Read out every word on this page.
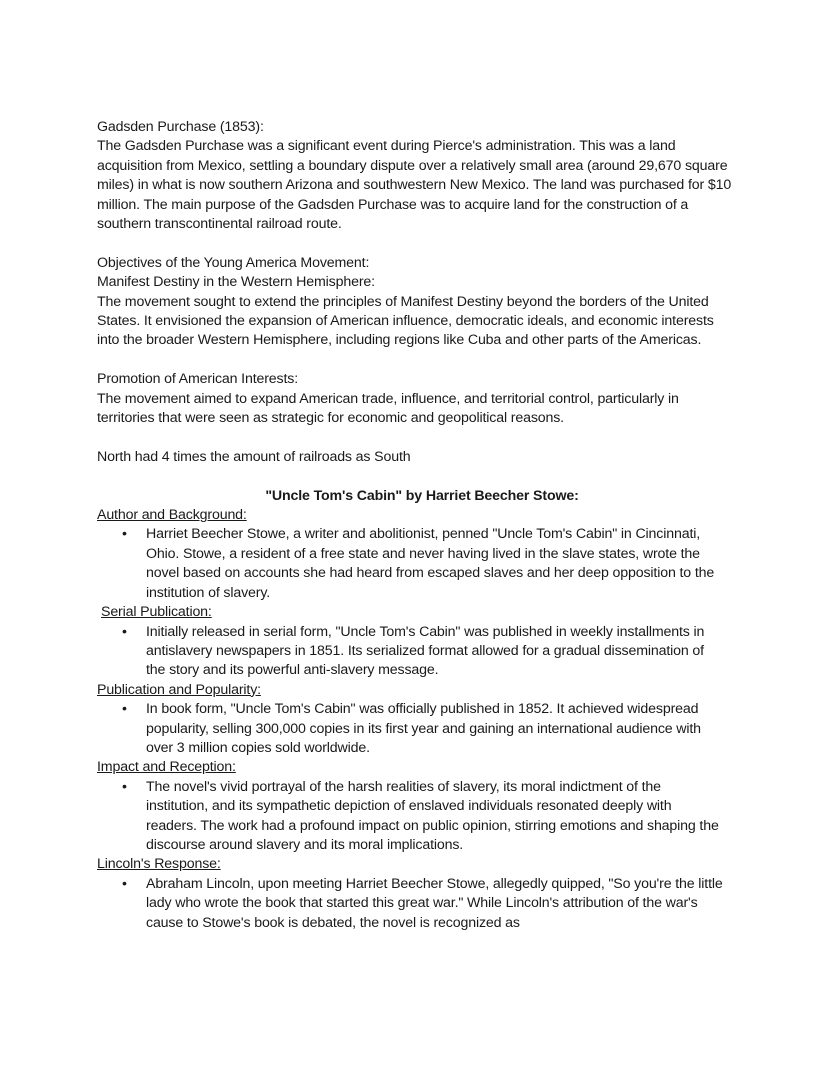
Gadsden Purchase (1853):

The Gadsden Purchase was a significant event during Pierce's administration. This was a land acquisition from Mexico, settling a boundary dispute over a relatively small area (around 29,670 square miles) in what is now southern Arizona and southwestern New Mexico. The land was purchased for $10 million. The main purpose of the Gadsden Purchase was to acquire land for the construction of a southern transcontinental railroad route.

Objectives of the Young America Movement:

Manifest Destiny in the Western Hemisphere:

The movement sought to extend the principles of Manifest Destiny beyond the borders of the United States. It envisioned the expansion of American influence, democratic ideals, and economic interests into the broader Western Hemisphere, including regions like Cuba and other parts of the Americas.

Promotion of American Interests:

The movement aimed to expand American trade, influence, and territorial control, particularly in territories that were seen as strategic for economic and geopolitical reasons.

North had 4 times the amount of railroads as South

"Uncle Tom's Cabin" by Harriet Beecher Stowe:

Author and Background:

• Harriet Beecher Stowe, a writer and abolitionist, penned "Uncle Tom's Cabin" in Cincinnati, Ohio. Stowe, a resident of a free state and never having lived in the slave states, wrote the novel based on accounts she had heard from escaped slaves and her deep opposition to the institution of slavery.

Serial Publication:

• Initially released in serial form, "Uncle Tom's Cabin" was published in weekly installments in antislavery newspapers in 1851. Its serialized format allowed for a gradual dissemination of the story and its powerful anti-slavery message.

Publication and Popularity:

• In book form, "Uncle Tom's Cabin" was officially published in 1852. It achieved widespread popularity, selling 300,000 copies in its first year and gaining an international audience with over 3 million copies sold worldwide.

Impact and Reception:

• The novel's vivid portrayal of the harsh realities of slavery, its moral indictment of the institution, and its sympathetic depiction of enslaved individuals resonated deeply with readers. The work had a profound impact on public opinion, stirring emotions and shaping the discourse around slavery and its moral implications.

Lincoln's Response:

• Abraham Lincoln, upon meeting Harriet Beecher Stowe, allegedly quipped, "So you're the little lady who wrote the book that started this great war." While Lincoln's attribution of the war's cause to Stowe's book is debated, the novel is recognized as
